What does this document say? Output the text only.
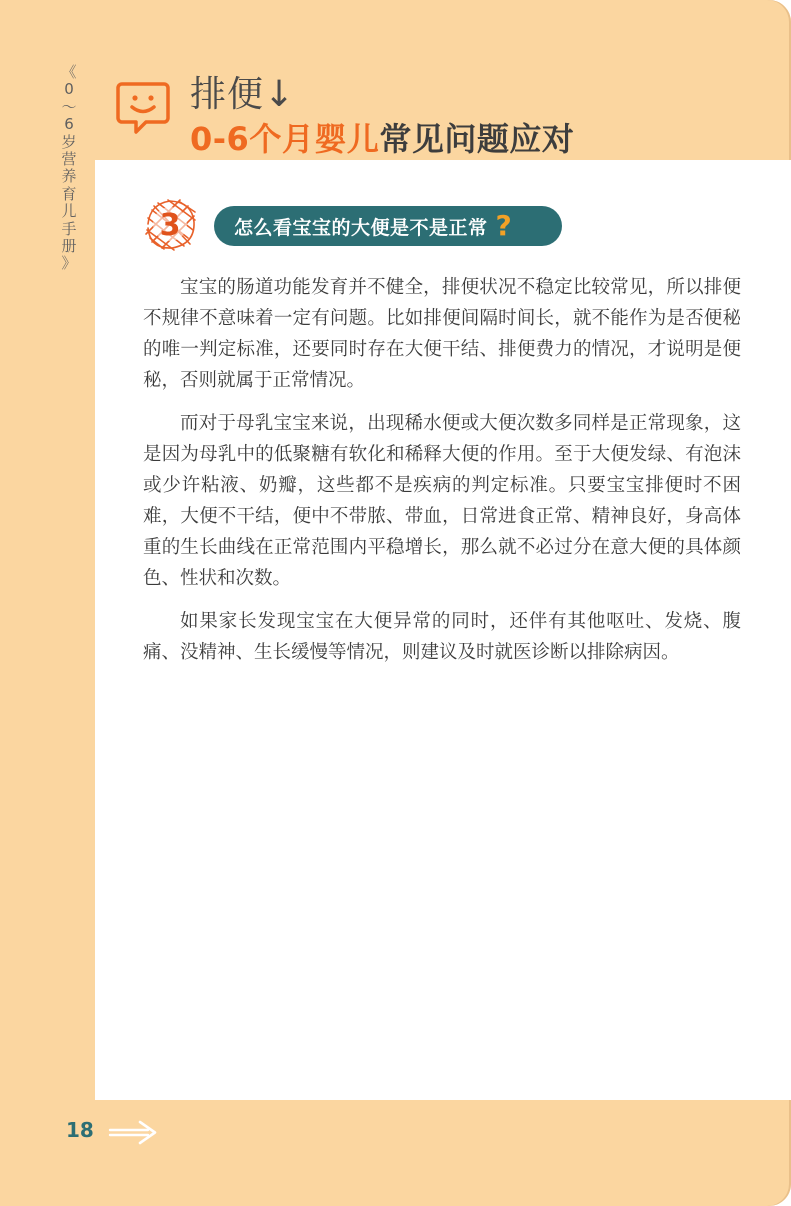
《
0
～
6
岁
营
养
育
儿
手
册
》
排便↓
0-6个月婴儿常见问题应对
3	怎么看宝宝的大便是不是正常 ?

宝宝的肠道功能发育并不健全，排便状况不稳定比较常见，所以排便不规律不意味着一定有问题。比如排便间隔时间长，就不能作为是否便秘的唯一判定标准，还要同时存在大便干结、排便费力的情况，才说明是便秘，否则就属于正常情况。

而对于母乳宝宝来说，出现稀水便或大便次数多同样是正常现象，这是因为母乳中的低聚糖有软化和稀释大便的作用。至于大便发绿、有泡沫或少许粘液、奶瓣，这些都不是疾病的判定标准。只要宝宝排便时不困难，大便不干结，便中不带脓、带血，日常进食正常、精神良好，身高体重的生长曲线在正常范围内平稳增长，那么就不必过分在意大便的具体颜色、性状和次数。

如果家长发现宝宝在大便异常的同时，还伴有其他呕吐、发烧、腹痛、没精神、生长缓慢等情况，则建议及时就医诊断以排除病因。

18
